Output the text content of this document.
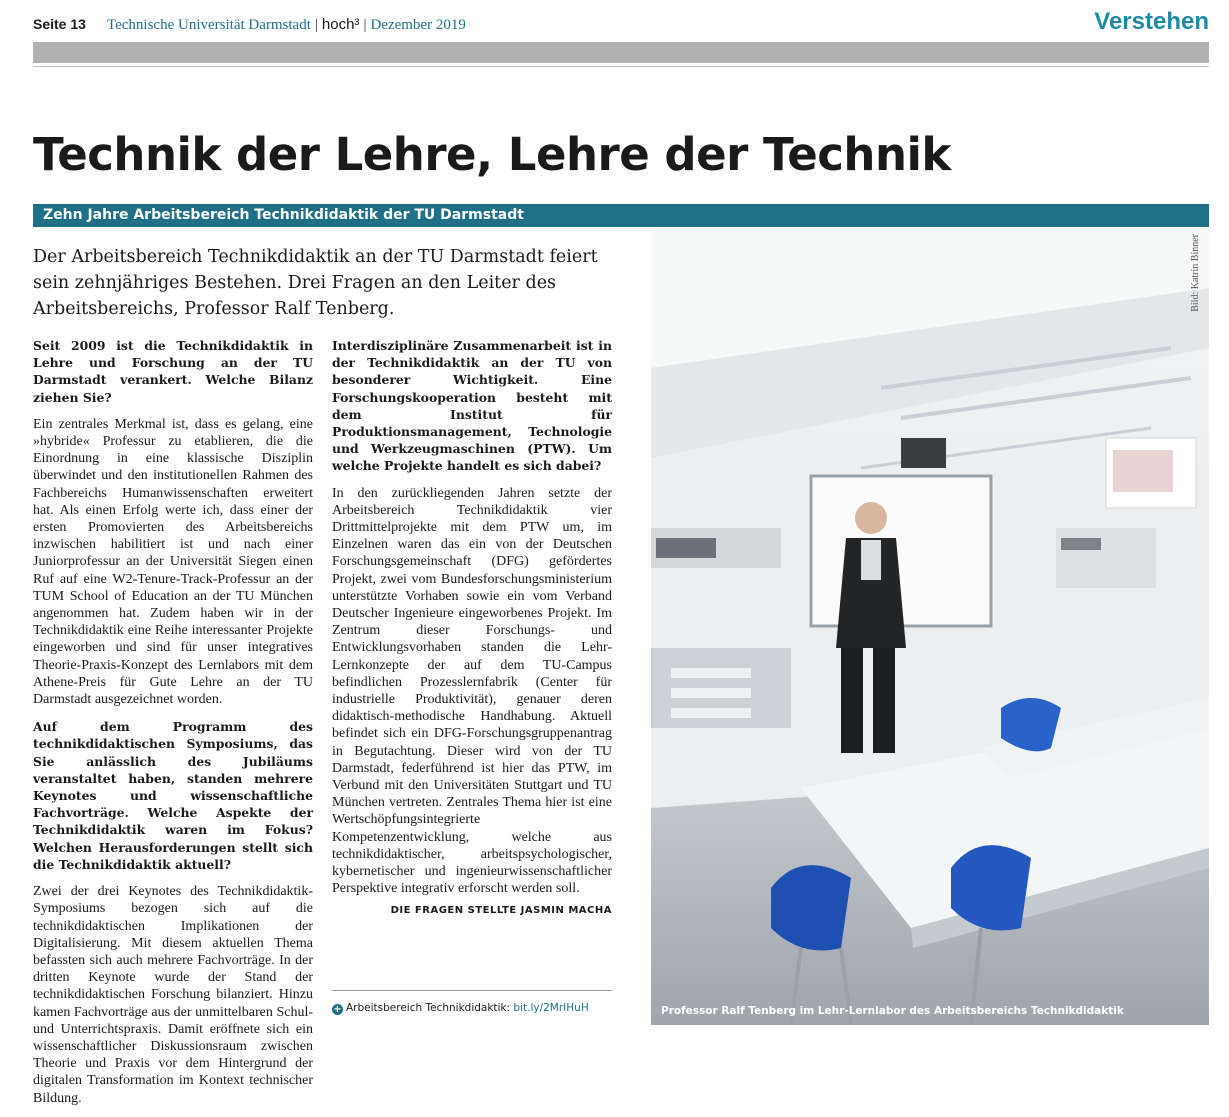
Seite 13 Technische Universität Darmstadt | hoch³ | Dezember 2019	Verstehen
Technik der Lehre, Lehre der Technik
Zehn Jahre Arbeitsbereich Technikdidaktik der TU Darmstadt
Der Arbeitsbereich Technikdidaktik an der TU Darmstadt feiert sein zehnjähriges Bestehen. Drei Fragen an den Leiter des Arbeitsbereichs, Professor Ralf Tenberg.

Seit 2009 ist die Technikdidaktik in Lehre und Forschung an der TU Darmstadt verankert. Welche Bilanz ziehen Sie?

Ein zentrales Merkmal ist, dass es gelang, eine »hybride« Professur zu etablieren, die die Einordnung in eine klassische Disziplin überwindet und den institutionellen Rahmen des Fachbereichs Humanwissenschaften erweitert hat. Als einen Erfolg werte ich, dass einer der ersten Promovierten des Arbeitsbereichs inzwischen habilitiert ist und nach einer Juniorprofessur an der Universität Siegen einen Ruf auf eine W2-Tenure-Track-Professur an der TUM School of Education an der TU München angenommen hat. Zudem haben wir in der Technikdidaktik eine Reihe interessanter Projekte eingeworben und sind für unser integratives Theorie-Praxis-Konzept des Lernlabors mit dem Athene-Preis für Gute Lehre an der TU Darmstadt ausgezeichnet worden.

Auf dem Programm des technikdidaktischen Symposiums, das Sie anlässlich des Jubiläums veranstaltet haben, standen mehrere Keynotes und wissenschaftliche Fachvorträge. Welche Aspekte der Technikdidaktik waren im Fokus? Welchen Herausforderungen stellt sich die Technikdidaktik aktuell?

Zwei der drei Keynotes des Technikdidaktik-Symposiums bezogen sich auf die technikdidaktischen Implikationen der Digitalisierung. Mit diesem aktuellen Thema befassten sich auch mehrere Fachvorträge. In der dritten Keynote wurde der Stand der technikdidaktischen Forschung bilanziert. Hinzu kamen Fachvorträge aus der unmittelbaren Schul- und Unterrichtspraxis. Damit eröffnete sich ein wissenschaftlicher Diskussionsraum zwischen Theorie und Praxis vor dem Hintergrund der digitalen Transformation im Kontext technischer Bildung.

Interdisziplinäre Zusammenarbeit ist in der Technikdidaktik an der TU von besonderer Wichtigkeit. Eine Forschungskooperation besteht mit dem Institut für Produktionsmanagement, Technologie und Werkzeugmaschinen (PTW). Um welche Projekte handelt es sich dabei?

In den zurückliegenden Jahren setzte der Arbeitsbereich Technikdidaktik vier Drittmittelprojekte mit dem PTW um, im Einzelnen waren das ein von der Deutschen Forschungsgemeinschaft (DFG) gefördertes Projekt, zwei vom Bundesforschungsministerium unterstützte Vorhaben sowie ein vom Verband Deutscher Ingenieure eingeworbenes Projekt. Im Zentrum dieser Forschungs- und Entwicklungsvorhaben standen die Lehr-Lernkonzepte der auf dem TU-Campus befindlichen Prozesslernfabrik (Center für industrielle Produktivität), genauer deren didaktisch-methodische Handhabung. Aktuell befindet sich ein DFG-Forschungsgruppenantrag in Begutachtung. Dieser wird von der TU Darmstadt, federführend ist hier das PTW, im Verbund mit den Universitäten Stuttgart und TU München vertreten. Zentrales Thema hier ist eine Wertschöpfungsintegrierte Kompetenzentwicklung, welche aus technikdidaktischer, arbeitspsychologischer, kybernetischer und ingenieurwissenschaftlicher Perspektive integrativ erforscht werden soll.

DIE FRAGEN STELLTE JASMIN MACHA
+ Arbeitsbereich Technikdidaktik: bit.ly/2MrIHuH
Bild: Katrin Binner
Professor Ralf Tenberg im Lehr-Lernlabor des Arbeitsbereichs Technikdidaktik
